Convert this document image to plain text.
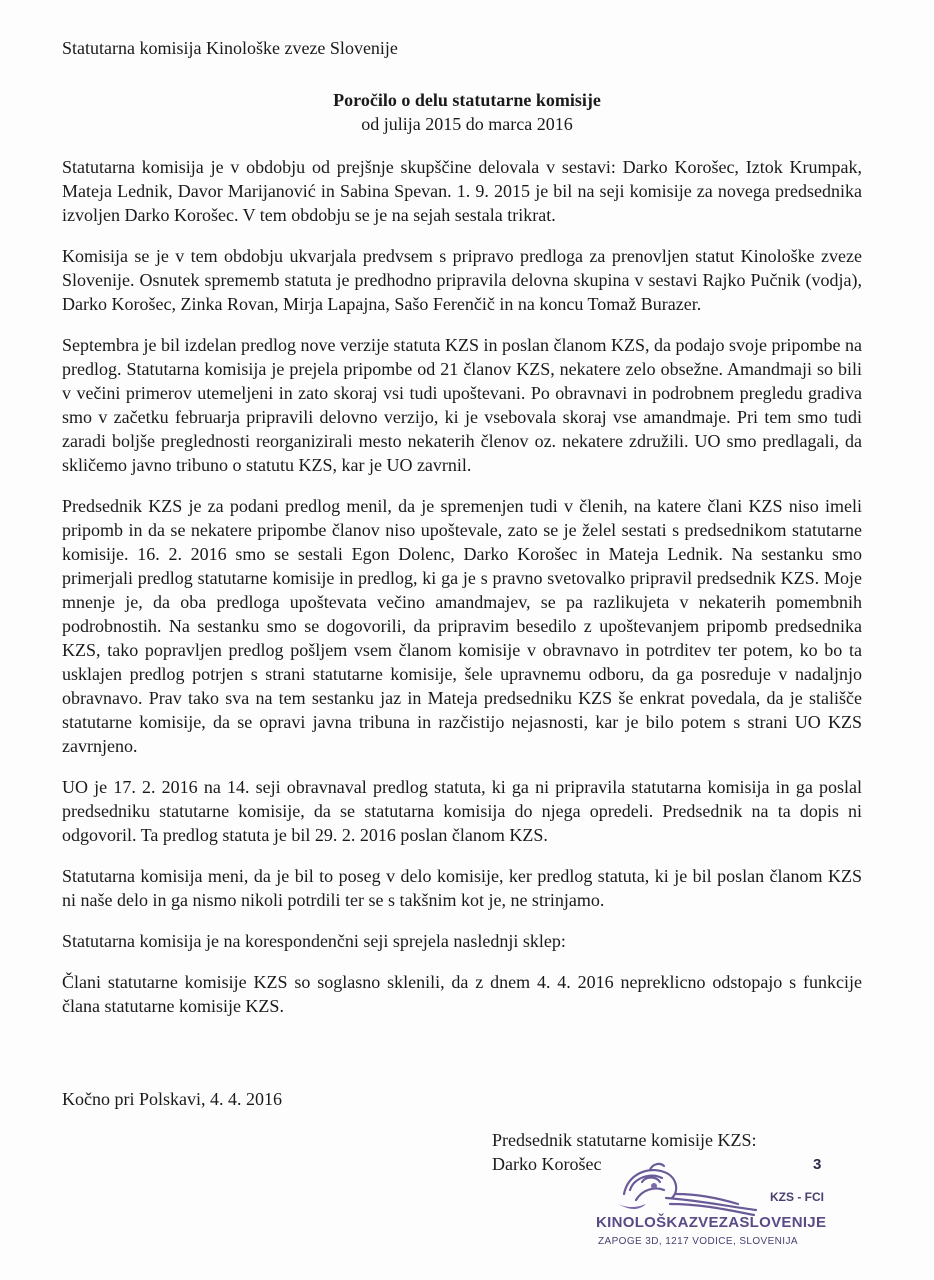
Statutarna komisija Kinološke zveze Slovenije
Poročilo o delu statutarne komisije
od julija 2015 do marca 2016

Statutarna komisija je v obdobju od prejšnje skupščine delovala v sestavi: Darko Korošec, Iztok Krumpak, Mateja Lednik, Davor Marijanović in Sabina Spevan. 1. 9. 2015 je bil na seji komisije za novega predsednika izvoljen Darko Korošec. V tem obdobju se je na sejah sestala trikrat.

Komisija se je v tem obdobju ukvarjala predvsem s pripravo predloga za prenovljen statut Kinološke zveze Slovenije. Osnutek sprememb statuta je predhodno pripravila delovna skupina v sestavi Rajko Pučnik (vodja), Darko Korošec, Zinka Rovan, Mirja Lapajna, Sašo Ferenčič in na koncu Tomaž Burazer.

Septembra je bil izdelan predlog nove verzije statuta KZS in poslan članom KZS, da podajo svoje pripombe na predlog. Statutarna komisija je prejela pripombe od 21 članov KZS, nekatere zelo obsežne. Amandmaji so bili v večini primerov utemeljeni in zato skoraj vsi tudi upoštevani. Po obravnavi in podrobnem pregledu gradiva smo v začetku februarja pripravili delovno verzijo, ki je vsebovala skoraj vse amandmaje. Pri tem smo tudi zaradi boljše preglednosti reorganizirali mesto nekaterih členov oz. nekatere združili. UO smo predlagali, da skličemo javno tribuno o statutu KZS, kar je UO zavrnil.

Predsednik KZS je za podani predlog menil, da je spremenjen tudi v členih, na katere člani KZS niso imeli pripomb in da se nekatere pripombe članov niso upoštevale, zato se je želel sestati s predsednikom statutarne komisije. 16. 2. 2016 smo se sestali Egon Dolenc, Darko Korošec in Mateja Lednik. Na sestanku smo primerjali predlog statutarne komisije in predlog, ki ga je s pravno svetovalko pripravil predsednik KZS. Moje mnenje je, da oba predloga upoštevata večino amandmajev, se pa razlikujeta v nekaterih pomembnih podrobnostih. Na sestanku smo se dogovorili, da pripravim besedilo z upoštevanjem pripomb predsednika KZS, tako popravljen predlog pošljem vsem članom komisije v obravnavo in potrditev ter potem, ko bo ta usklajen predlog potrjen s strani statutarne komisije, šele upravnemu odboru, da ga posreduje v nadaljnjo obravnavo. Prav tako sva na tem sestanku jaz in Mateja predsedniku KZS še enkrat povedala, da je stališče statutarne komisije, da se opravi javna tribuna in razčistijo nejasnosti, kar je bilo potem s strani UO KZS zavrnjeno.

UO je 17. 2. 2016 na 14. seji obravnaval predlog statuta, ki ga ni pripravila statutarna komisija in ga poslal predsedniku statutarne komisije, da se statutarna komisija do njega opredeli. Predsednik na ta dopis ni odgovoril. Ta predlog statuta je bil 29. 2. 2016 poslan članom KZS.

Statutarna komisija meni, da je bil to poseg v delo komisije, ker predlog statuta, ki je bil poslan članom KZS ni naše delo in ga nismo nikoli potrdili ter se s takšnim kot je, ne strinjamo.

Statutarna komisija je na korespondenčni seji sprejela naslednji sklep:

Člani statutarne komisije KZS so soglasno sklenili, da z dnem 4. 4. 2016 nepreklicno odstopajo s funkcije člana statutarne komisije KZS.

Kočno pri Polskavi, 4. 4. 2016
Predsednik statutarne komisije KZS:
Darko Korošec	3
KZS - FCI
KINOLOŠKAZVEZASLOVENIJE
ZAPOGE 3D, 1217 VODICE, SLOVENIJA
